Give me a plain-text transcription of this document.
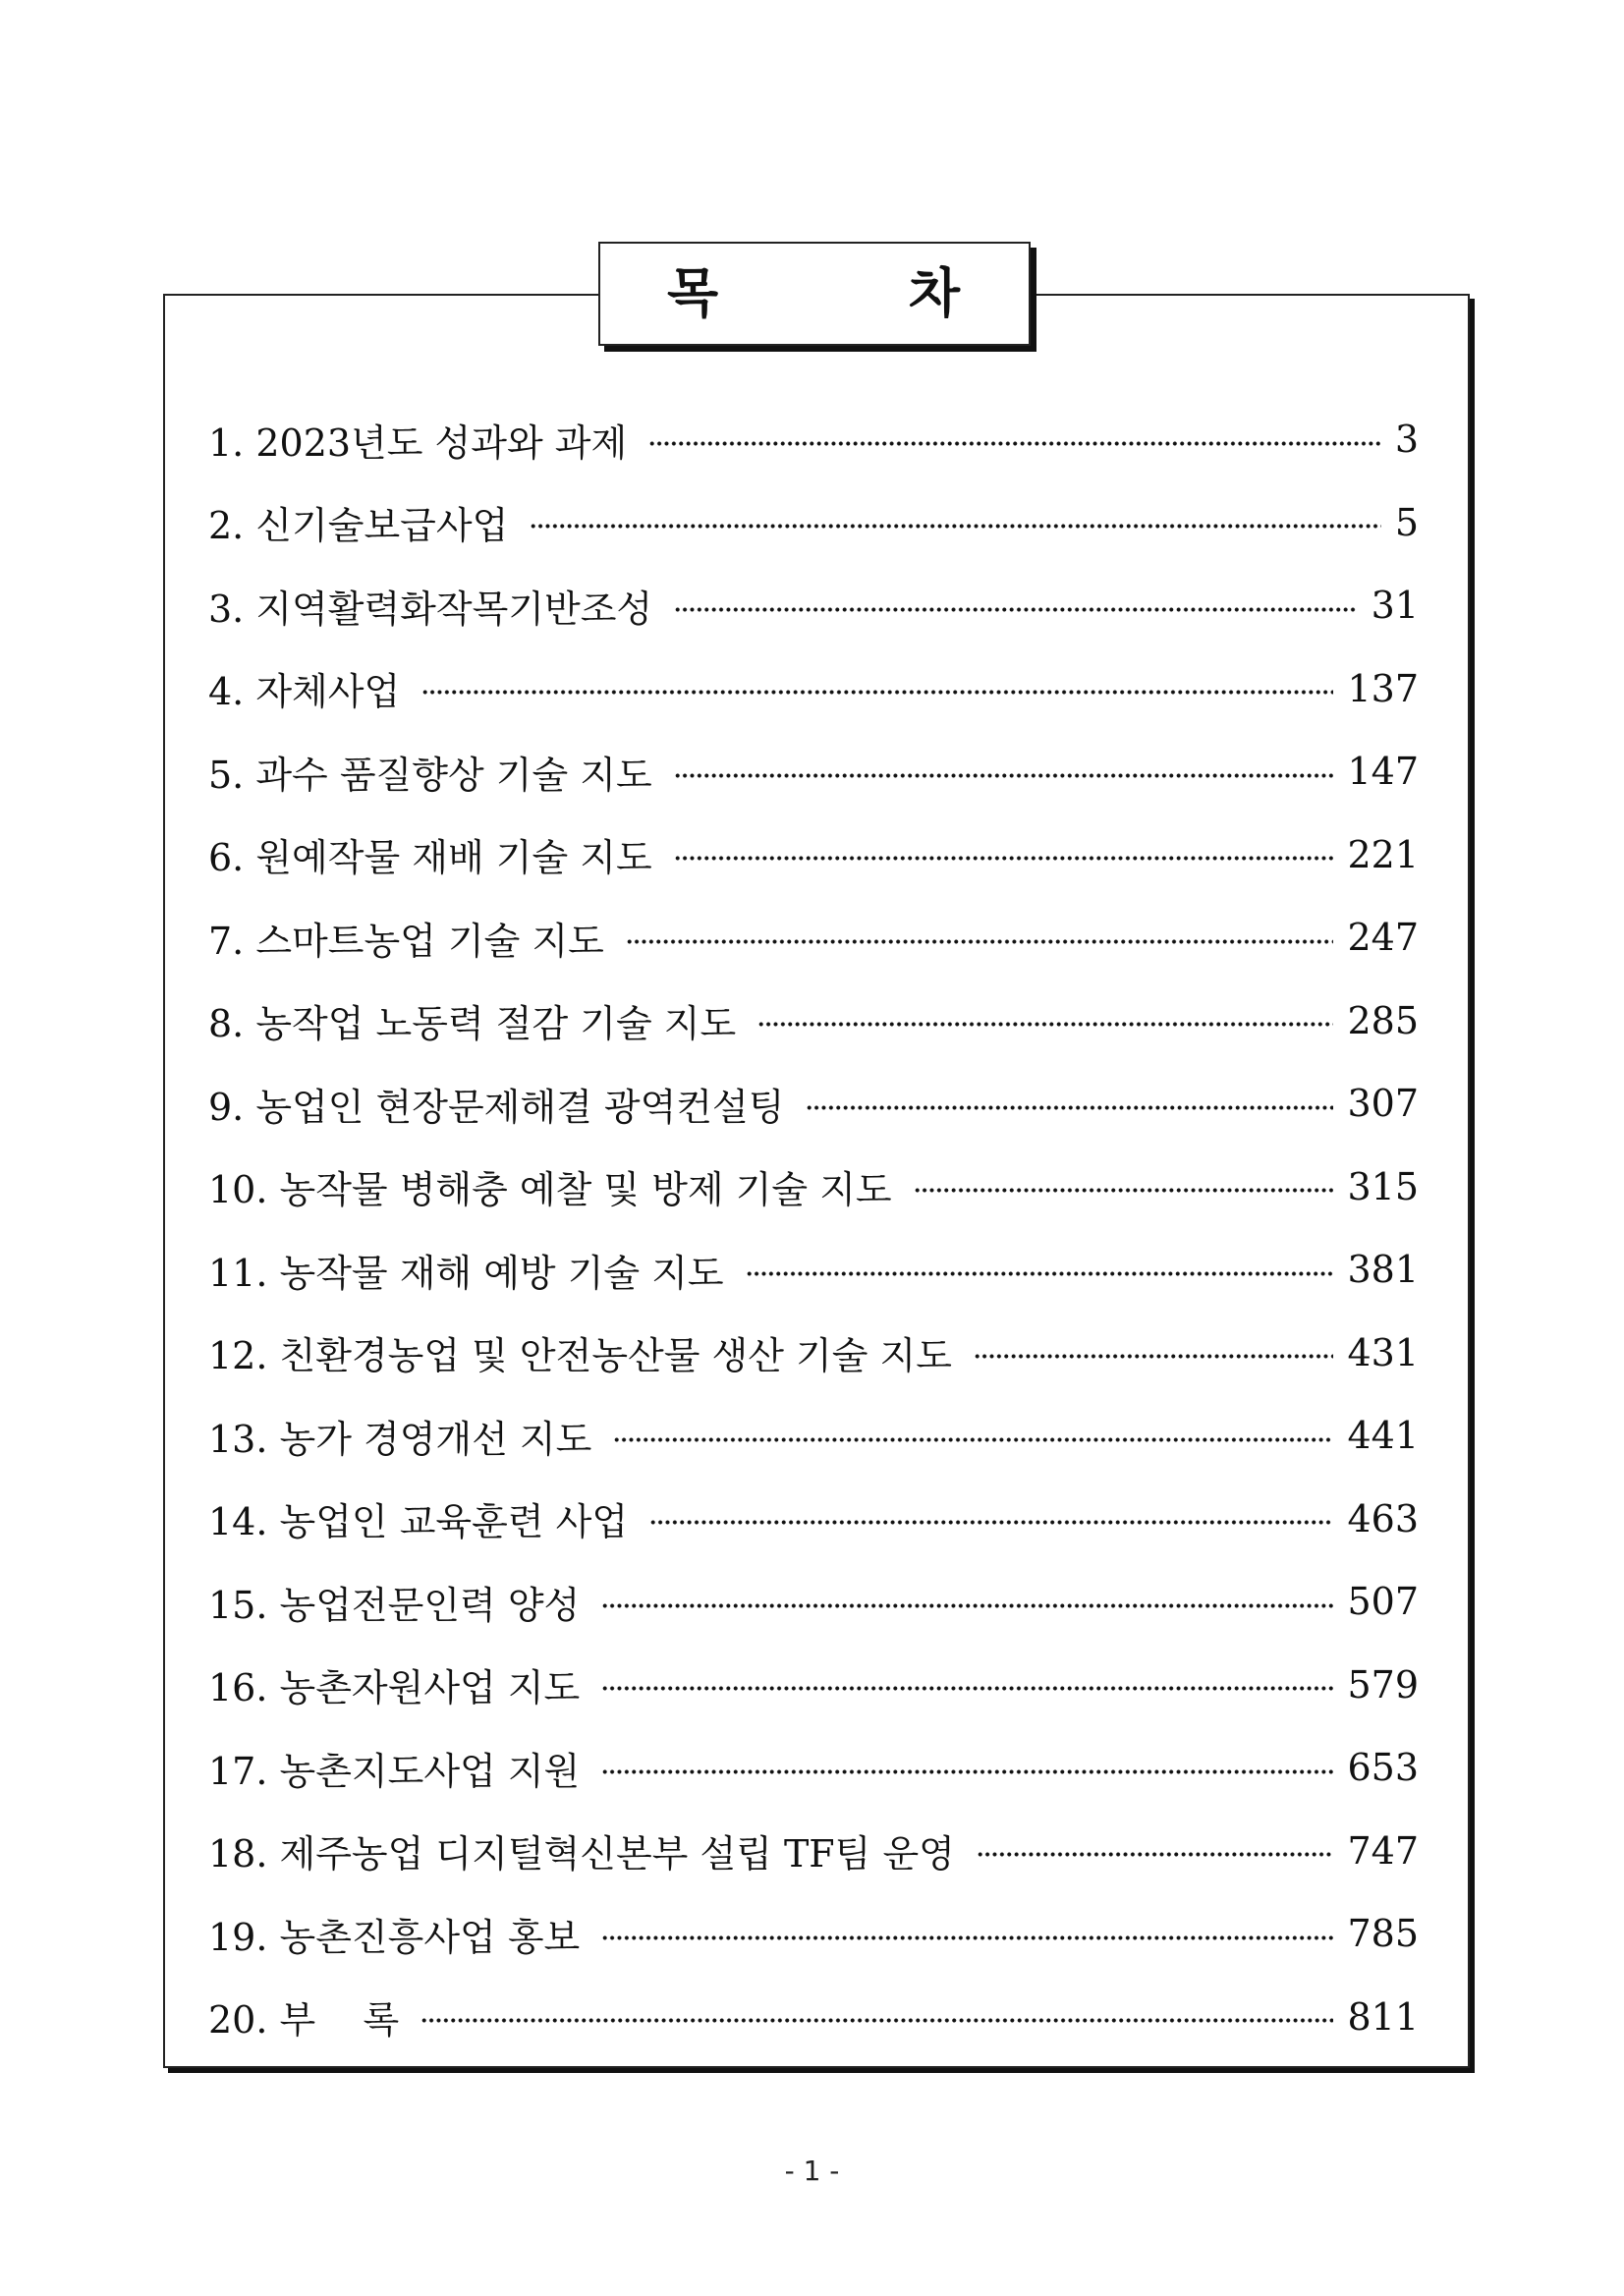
1. 2023년도 성과와 과제	3
2. 신기술보급사업	5
3. 지역활력화작목기반조성	31
4. 자체사업	137
5. 과수 품질향상 기술 지도	147
6. 원예작물 재배 기술 지도	221
7. 스마트농업 기술 지도	247
8. 농작업 노동력 절감 기술 지도	285
9. 농업인 현장문제해결 광역컨설팅	307
10. 농작물 병해충 예찰 및 방제 기술 지도	315
11. 농작물 재해 예방 기술 지도	381
12. 친환경농업 및 안전농산물 생산 기술 지도	431
13. 농가 경영개선 지도	441
14. 농업인 교육훈련 사업	463
15. 농업전문인력 양성	507
16. 농촌자원사업 지도	579
17. 농촌지도사업 지원	653
18. 제주농업 디지털혁신본부 설립 TF팀 운영	747
19. 농촌진흥사업 홍보	785
20. 부    록	811
목	차
- 1 -
